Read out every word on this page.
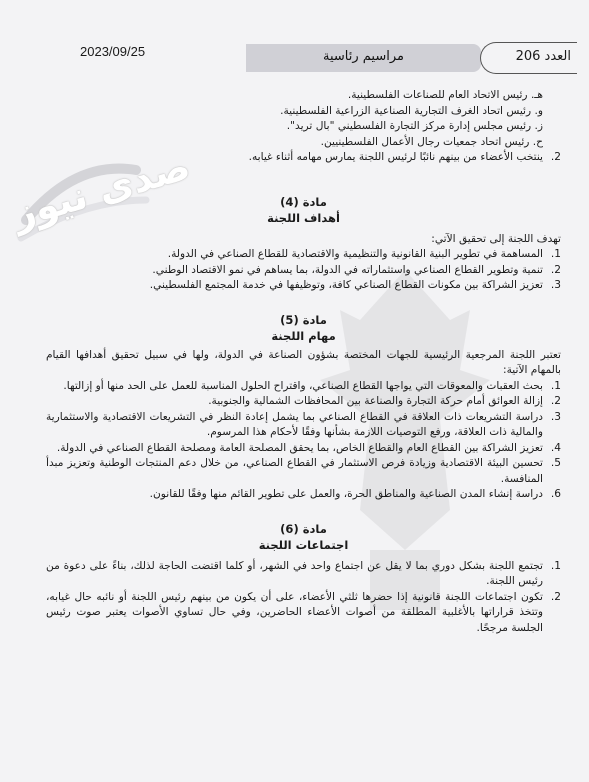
صدى نيوز
2023/09/25	مراسيم رئاسية	العدد 206

هـ. رئيس الاتحاد العام للصناعات الفلسطينية.

و. رئيس اتحاد الغرف التجارية الصناعية الزراعية الفلسطينية.

ز. رئيس مجلس إدارة مركز التجارة الفلسطيني "بال تريد".

ح. رئيس اتحاد جمعيات رجال الأعمال الفلسطينيين.

2.
ينتخب الأعضاء من بينهم نائبًا لرئيس اللجنة يمارس مهامه أثناء غيابه.

مادة (4)

أهداف اللجنة

تهدف اللجنة إلى تحقيق الآتي:

1.
المساهمة في تطوير البنية القانونية والتنظيمية والاقتصادية للقطاع الصناعي في الدولة.

2.
تنمية وتطوير القطاع الصناعي واستثماراته في الدولة، بما يساهم في نمو الاقتصاد الوطني.

3.
تعزيز الشراكة بين مكونات القطاع الصناعي كافة، وتوظيفها في خدمة المجتمع الفلسطيني.

مادة (5)

مهام اللجنة

تعتبر اللجنة المرجعية الرئيسية للجهات المختصة بشؤون الصناعة في الدولة، ولها في سبيل تحقيق أهدافها القيام بالمهام الآتية:

1.
بحث العقبات والمعوقات التي يواجها القطاع الصناعي، واقتراح الحلول المناسبة للعمل على الحد منها أو إزالتها.

2.
إزالة العوائق أمام حركة التجارة والصناعة بين المحافظات الشمالية والجنوبية.

3.
دراسة التشريعات ذات العلاقة في القطاع الصناعي بما يشمل إعادة النظر في التشريعات الاقتصادية والاستثمارية والمالية ذات العلاقة، ورفع التوصيات اللازمة بشأنها وفقًا لأحكام هذا المرسوم.

4.
تعزيز الشراكة بين القطاع العام والقطاع الخاص، بما يحقق المصلحة العامة ومصلحة القطاع الصناعي في الدولة.

5.
تحسين البيئة الاقتصادية وزيادة فرص الاستثمار في القطاع الصناعي، من خلال دعم المنتجات الوطنية وتعزيز مبدأ المنافسة.

6.
دراسة إنشاء المدن الصناعية والمناطق الحرة، والعمل على تطوير القائم منها وفقًا للقانون.

مادة (6)

اجتماعات اللجنة

1.
تجتمع اللجنة بشكل دوري بما لا يقل عن اجتماع واحد في الشهر، أو كلما اقتضت الحاجة لذلك، بناءً على دعوة من رئيس اللجنة.

2.
تكون اجتماعات اللجنة قانونية إذا حضرها ثلثي الأعضاء، على أن يكون من بينهم رئيس اللجنة أو نائبه حال غيابه، وتتخذ قراراتها بالأغلبية المطلقة من أصوات الأعضاء الحاضرين، وفي حال تساوي الأصوات يعتبر صوت رئيس الجلسة مرجحًا.
